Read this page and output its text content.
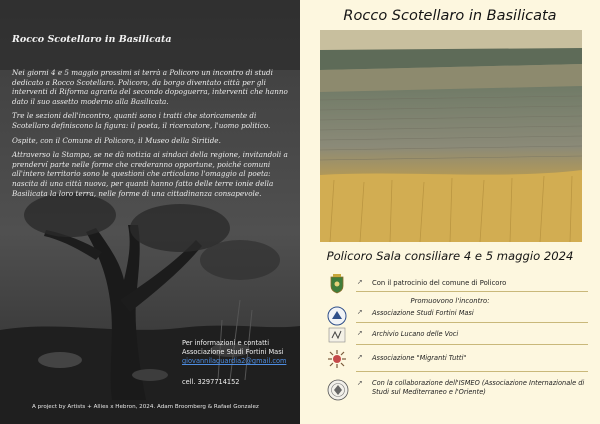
Rocco Scotellaro in Basilicata

Nei giorni 4 e 5 maggio prossimi si terrà a Policoro un incontro di studi dedicato a Rocco Scotellaro. Policoro, da borgo diventato città per gli interventi di Riforma agraria del secondo dopoguerra, interventi che hanno dato il suo assetto moderno alla Basilicata.

Tre le sezioni dell'incontro, quanti sono i tratti che storicamente di Scotellaro definiscono la figura: il poeta, il ricercatore, l'uomo politico.

Ospite, con il Comune di Policoro, il Museo della Siritide.

Attraverso la Stampa, se ne dà notizia ai sindaci della regione, invitandoli a prenderví parte nelle forme che crederanno opportune, poiché comuni all'intero territorio sono le questioni che articolano l'omaggio al poeta: nascita di una città nuova, per quanti hanno fatto delle terre ionie della Basilicata la loro terra, nelle forme di una cittadinanza consapevole.

Per informazioni e contatti
Associazione Studi Fortini Masi
giovannilaguardia2@gmail.com
cell. 3297714152
A project by Artists + Allies x Hebron, 2024. Adam Broomberg & Rafael Gonzalez
Rocco Scotellaro in Basilicata
Policoro Sala consiliare 4 e 5 maggio 2024
➚ Con il patrocinio del comune di Policoro
Promuovono l'incontro:
➚ Associazione Studi Fortini Masi
➚ Archivio Lucano delle Voci
➚ Associazione "Migranti Tutti"
➚ Con la collaborazione dell'ISMEO (Associazione Internazionale di Studi sul Mediterraneo e l'Oriente)
